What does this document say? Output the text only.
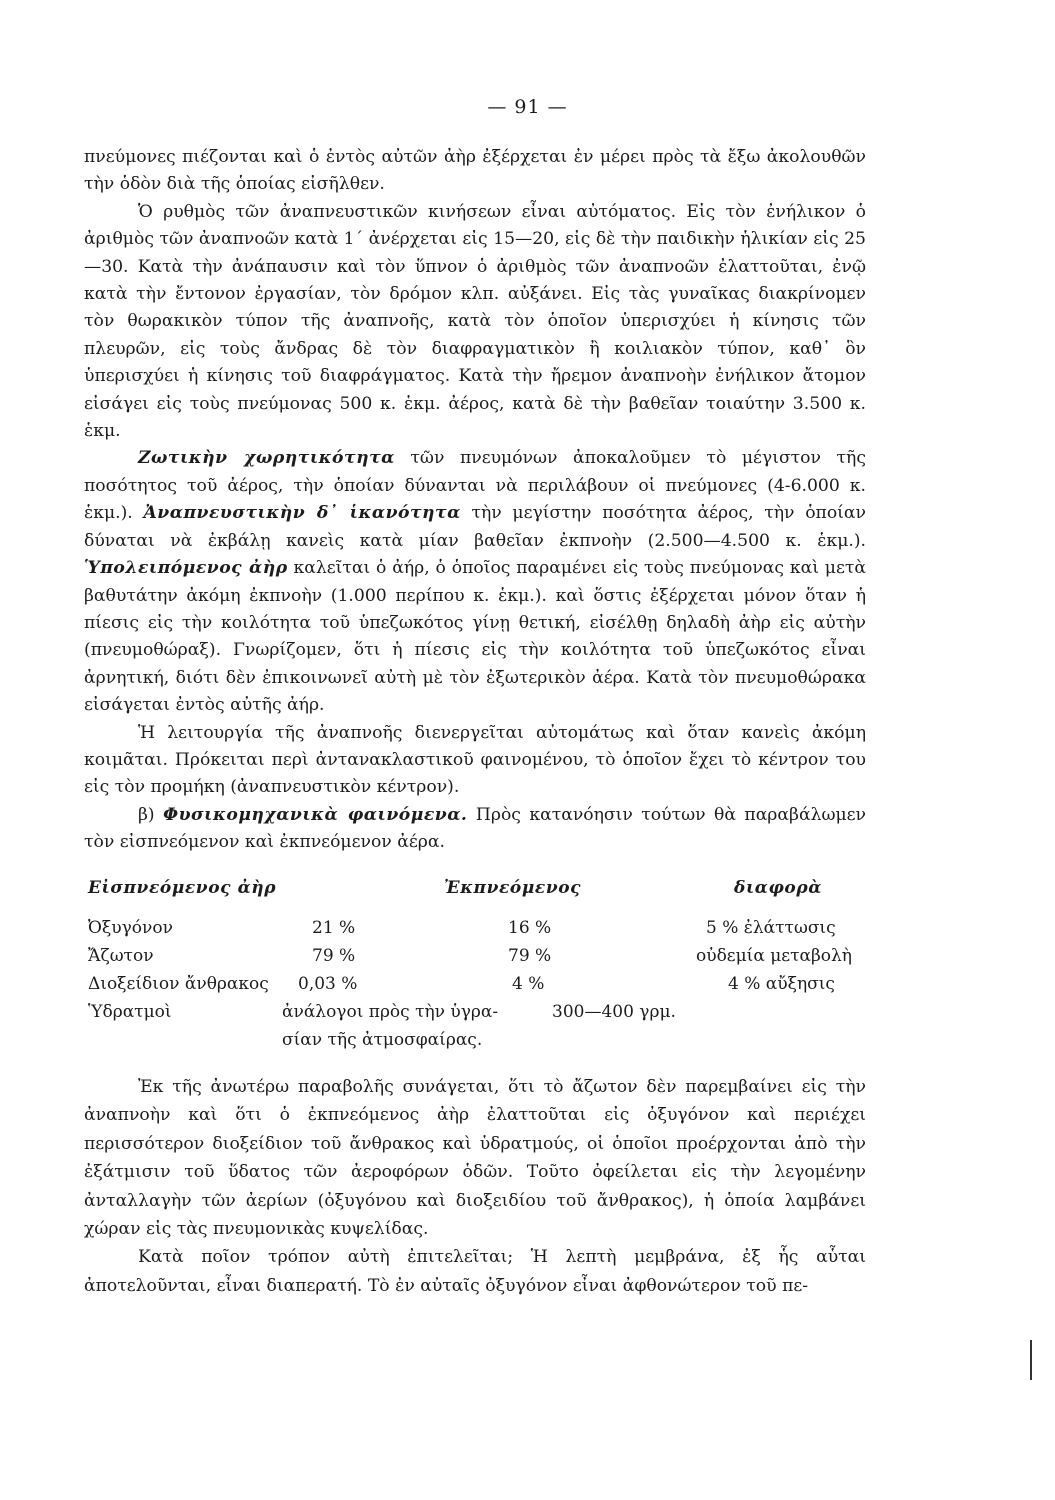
— 91 —

πνεύμονες πιέζονται καὶ ὁ ἐντὸς αὐτῶν ἀὴρ ἐξέρχεται ἐν μέρει πρὸς τὰ ἔξω ἀκολουθῶν τὴν ὁδὸν διὰ τῆς ὁποίας εἰσῆλθεν.

Ὁ ρυθμὸς τῶν ἀναπνευστικῶν κινήσεων εἶναι αὐτόματος. Εἰς τὸν ἐνήλικον ὁ ἀριθμὸς τῶν ἀναπνοῶν κατὰ 1΄ ἀνέρχεται εἰς 15—20, εἰς δὲ τὴν παιδικὴν ἡλικίαν εἰς 25—30. Κατὰ τὴν ἀνάπαυσιν καὶ τὸν ὕπνον ὁ ἀριθμὸς τῶν ἀναπνοῶν ἐλαττοῦται, ἐνῷ κατὰ τὴν ἔντονον ἐργασίαν, τὸν δρόμον κλπ. αὐξάνει. Εἰς τὰς γυναῖκας διακρίνομεν τὸν θωρακικὸν τύπον τῆς ἀναπνοῆς, κατὰ τὸν ὁποῖον ὑπερισχύει ἡ κίνησις τῶν πλευρῶν, εἰς τοὺς ἄνδρας δὲ τὸν διαφραγματικὸν ἢ κοιλιακὸν τύπον, καθ᾽ ὃν ὑπερισχύει ἡ κίνησις τοῦ διαφράγματος. Κατὰ τὴν ἤρεμον ἀναπνοὴν ἐνήλικον ἄτομον εἰσάγει εἰς τοὺς πνεύμονας 500 κ. ἑκμ. ἀέρος, κατὰ δὲ τὴν βαθεῖαν τοιαύτην 3.500 κ. ἑκμ.

Ζωτικὴν χωρητικότητα τῶν πνευμόνων ἀποκαλοῦμεν τὸ μέγιστον τῆς ποσότητος τοῦ ἀέρος, τὴν ὁποίαν δύνανται νὰ περιλάβουν οἱ πνεύμονες (4-6.000 κ. ἑκμ.). Ἀναπνευστικὴν δ᾽ ἱκανότητα τὴν μεγίστην ποσότητα ἀέρος, τὴν ὁποίαν δύναται νὰ ἐκβάλῃ κανεὶς κατὰ μίαν βαθεῖαν ἐκπνοὴν (2.500—4.500 κ. ἑκμ.). Ὑπολειπόμενος ἀὴρ καλεῖται ὁ ἀήρ, ὁ ὁποῖος παραμένει εἰς τοὺς πνεύμονας καὶ μετὰ βαθυτάτην ἀκόμη ἐκπνοὴν (1.000 περίπου κ. ἑκμ.). καὶ ὅστις ἐξέρχεται μόνον ὅταν ἡ πίεσις εἰς τὴν κοιλότητα τοῦ ὑπεζωκότος γίνῃ θετική, εἰσέλθῃ δηλαδὴ ἀὴρ εἰς αὐτὴν (πνευμοθώραξ). Γνωρίζομεν, ὅτι ἡ πίεσις εἰς τὴν κοιλότητα τοῦ ὑπεζωκότος εἶναι ἀρνητική, διότι δὲν ἐπικοινωνεῖ αὐτὴ μὲ τὸν ἐξωτερικὸν ἀέρα. Κατὰ τὸν πνευμοθώρακα εἰσάγεται ἐντὸς αὐτῆς ἀήρ.

Ἡ λειτουργία τῆς ἀναπνοῆς διενεργεῖται αὐτομάτως καὶ ὅταν κανεὶς ἀκόμη κοιμᾶται. Πρόκειται περὶ ἀντανακλαστικοῦ φαινομένου, τὸ ὁποῖον ἔχει τὸ κέντρον του εἰς τὸν προμήκη (ἀναπνευστικὸν κέντρον).

β) Φυσικομηχανικὰ φαινόμενα. Πρὸς κατανόησιν τούτων θὰ παραβάλωμεν τὸν εἰσπνεόμενον καὶ ἐκπνεόμενον ἀέρα.

Εἰσπνεόμενος ἀὴρ	Ἐκπνεόμενος	διαφορὰ
Ὀξυγόνον	21 %	16 %	5 % ἐλάττωσις
Ἄζωτον	79 %	79 %	οὐδεμία μεταβολὴ
Διοξείδιον ἄνθρακος 0,03 %	4 %	4 % αὔξησις
Ὑδρατμοὶ	ἀνάλογοι πρὸς τὴν ὑγρα-	300—400 γρμ.
σίαν τῆς ἀτμοσφαίρας.

Ἐκ τῆς ἀνωτέρω παραβολῆς συνάγεται, ὅτι τὸ ἄζωτον δὲν παρεμβαίνει εἰς τὴν ἀναπνοὴν καὶ ὅτι ὁ ἐκπνεόμενος ἀὴρ ἐλαττοῦται εἰς ὀξυγόνον καὶ περιέχει περισσότερον διοξείδιον τοῦ ἄνθρακος καὶ ὑδρατμούς, οἱ ὁποῖοι προέρχονται ἀπὸ τὴν ἐξάτμισιν τοῦ ὕδατος τῶν ἀεροφόρων ὁδῶν. Τοῦτο ὀφείλεται εἰς τὴν λεγομένην ἀνταλλαγὴν τῶν ἀερίων (ὀξυγόνου καὶ διοξειδίου τοῦ ἄνθρακος), ἡ ὁποία λαμβάνει χώραν εἰς τὰς πνευμονικὰς κυψελίδας.

Κατὰ ποῖον τρόπον αὐτὴ ἐπιτελεῖται; Ἡ λεπτὴ μεμβράνα, ἐξ ἧς αὗται ἀποτελοῦνται, εἶναι διαπερατή. Τὸ ἐν αὐταῖς ὀξυγόνον εἶναι ἀφθονώτερον τοῦ πε-
